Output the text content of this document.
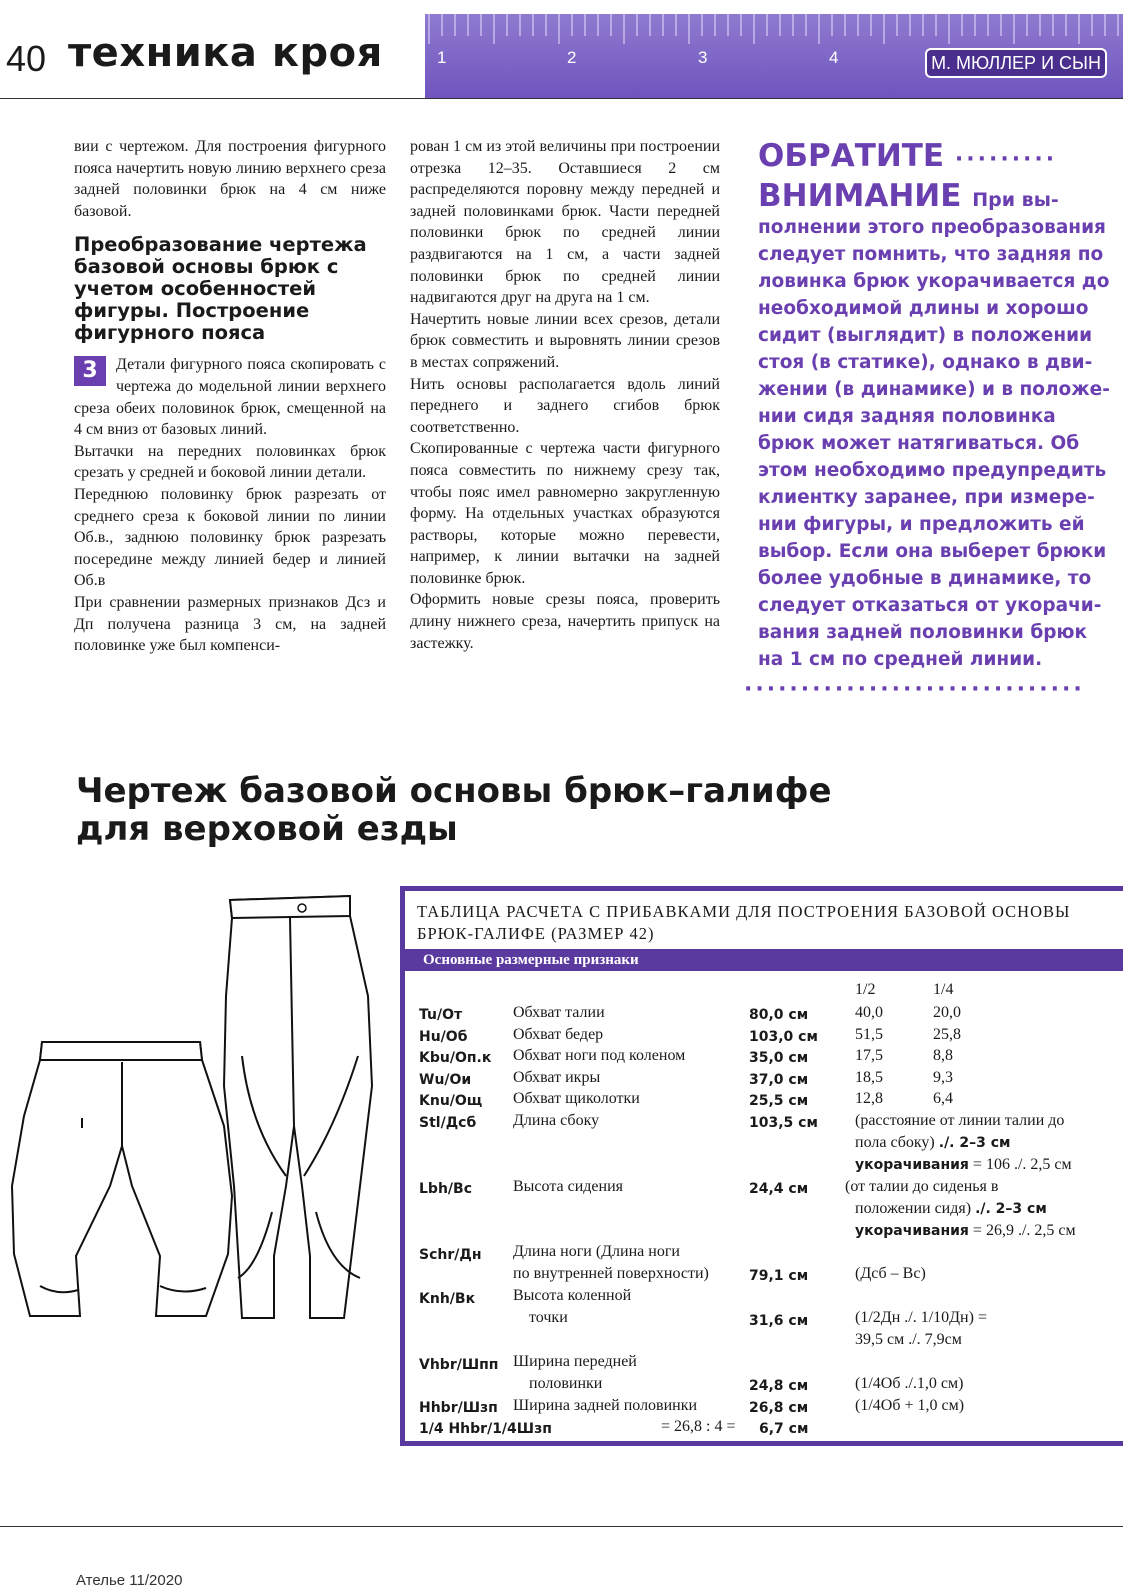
40 техника кроя	1	2	3	4	М. МЮЛЛЕР И СЫН

вии с чертежом. Для построения фигурного пояса начертить новую линию верхнего среза задней половинки брюк на 4 см ниже базовой.

Преобразование чертежа базовой основы брюк с учетом особенностей фигуры. Построение фигурного пояса

3	Детали фигурного пояса скопировать с чертежа до модельной линии верхнего среза обеих половинок брюк, смещенной на 4 см вниз от базовых линий.

Вытачки на передних половинках брюк срезать у средней и боковой линии детали.

Переднюю половинку брюк разрезать от среднего среза к боковой линии по линии Об.в., заднюю половинку брюк разрезать посередине между линией бедер и линией Об.в

При сравнении размерных признаков Дсз и Дп получена разница 3 см, на задней половинке уже был компенси-

рован 1 см из этой величины при построении отрезка 12–35. Оставшиеся 2 см распределяются поровну между передней и задней половинками брюк. Части передней половинки брюк по средней линии раздвигаются на 1 см, а части задней половинки брюк по средней линии надвигаются друг на друга на 1 см.

Начертить новые линии всех срезов, детали брюк совместить и выровнять линии срезов в местах сопряжений.

Нить основы располагается вдоль линий переднего и заднего сгибов брюк соответственно.

Скопированные с чертежа части фигурного пояса совместить по нижнему срезу так, чтобы пояс имел равномерно закругленную форму. На отдельных участках образуются раствορы, которые можно перевести, например, к линии вытачки на задней половинке брюк.

Оформить новые срезы пояса, проверить длину нижнего среза, начертить припуск на застежку.

ОБРАТИТЕ ·········
ВНИМАНИЕ При вы-
полнении этого преобразования
следует помнить, что задняя по
ловинка брюк укорачивается до
необходимой длины и хорошо
сидит (выглядит) в положении
стоя (в статике), однако в дви-
жении (в динамике) и в положе-
нии сидя задняя половинка
брюк может натягиваться. Об
этом необходимо предупредить
клиентку заранее, при измере-
нии фигуры, и предложить ей
выбор. Если она выберет брюки
более удобные в динамике, то
следует отказаться от укорачи-
вания задней половинки брюк
на 1 см по средней линии.
······························
Чертеж базовой основы брюк–галифе
для верховой езды
ТАБЛИЦА РАСЧЕТА С ПРИБАВКАМИ ДЛЯ ПОСТРОЕНИЯ БАЗОВОЙ ОСНОВЫ
БРЮК-ГАЛИФЕ (РАЗМЕР 42)
Основные размерные признаки
1/2	1/4
Tu/От	Обхват талии	80,0 см	40,0	20,0
Hu/Об	Обхват бедер	103,0 см 51,5	25,8
Kbu/Оп.к Обхват ноги под коленом	35,0 см	17,5	8,8
Wu/Ои	Обхват икры	37,0 см	18,5	9,3
Knu/Ощ Обхват щиколотки	25,5 см	12,8	6,4
Stl/Дсб Длина сбоку	103,5 см (расстояние от линии талии до
пола сбоку) ./. 2–3 см
укорачивания = 106 ./. 2,5 см
Lbh/Вс	Высота сидения	24,4 см (от талии до сиденья в
положении сидя) ./. 2–3 см
укорачивания = 26,9 ./. 2,5 см
Schr/Дн Длина ноги (Длина ноги
по внутренней поверхности)	79,1 см	(Дсб – Вс)
Knh/Вк Высота коленной
точки	31,6 см	(1/2Дн ./. 1/10Дн) =
39,5 см ./. 7,9см
Vhbr/Шпп Ширина передней
половинки	24,8 см	(1/4Об ./.1,0 см)
Hhbr/Шзп Ширина задней половинки	26,8 см	(1/4Об + 1,0 см)
1/4 Hhbr/1/4Шзп	= 26,8 : 4 = 6,7 см
Ателье 11/2020
